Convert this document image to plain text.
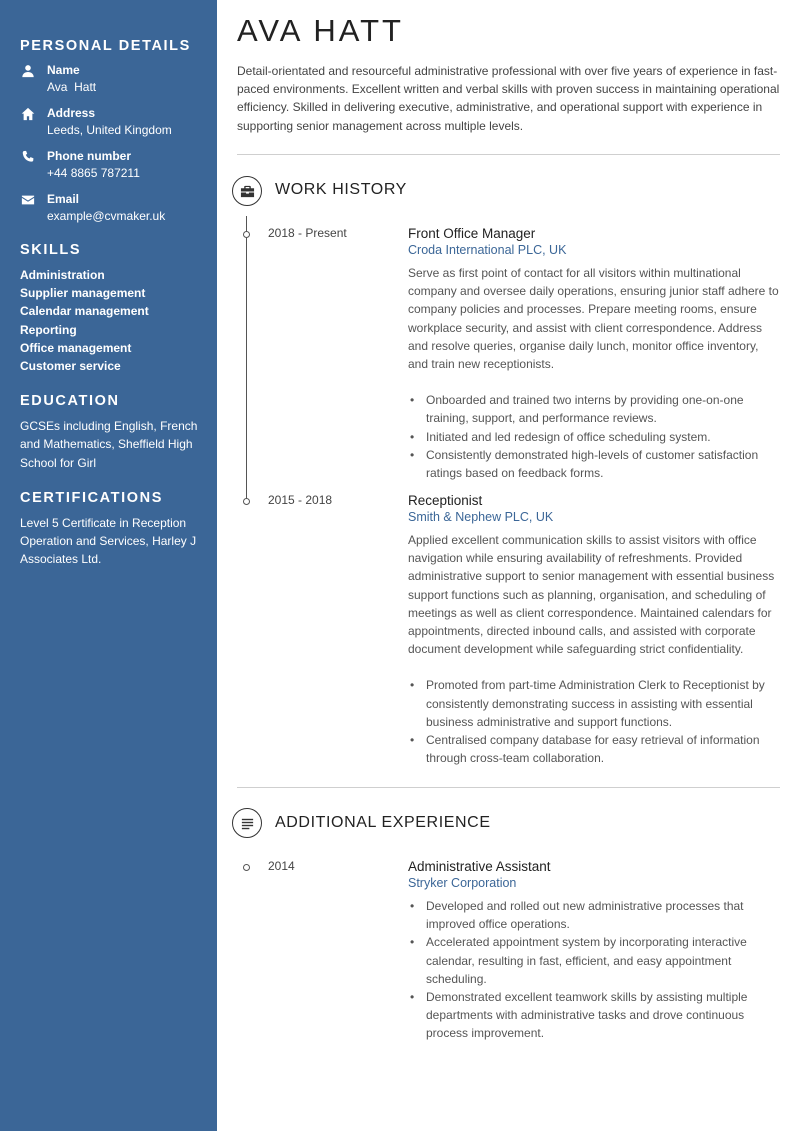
PERSONAL DETAILS
Name
Ava  Hatt
Address
Leeds, United Kingdom
Phone number
+44 8865 787211
Email
example@cvmaker.uk
SKILLS
Administration
Supplier management
Calendar management
Reporting
Office management
Customer service
EDUCATION
GCSEs including English, French and Mathematics, Sheffield High School for Girl
CERTIFICATIONS
Level 5 Certificate in Reception Operation and Services, Harley J Associates Ltd.
AVA HATT

Detail-orientated and resourceful administrative professional with over five years of experience in fast-paced environments. Excellent written and verbal skills with proven success in maintaining operational efficiency. Skilled in delivering executive, administrative, and operational support with experience in supporting senior management across multiple levels.

WORK HISTORY
2018 - Present	Front Office Manager
Croda International PLC, UK
Serve as first point of contact for all visitors within multinational company and oversee daily operations, ensuring junior staff adhere to company policies and processes. Prepare meeting rooms, ensure workplace security, and assist with client correspondence. Address and resolve queries, organise daily lunch, monitor office inventory, and train new receptionists.
• Onboarded and trained two interns by providing one-on-one training, support, and performance reviews.
• Initiated and led redesign of office scheduling system.
• Consistently demonstrated high-levels of customer satisfaction ratings based on feedback forms.
2015 - 2018	Receptionist
Smith & Nephew PLC, UK
Applied excellent communication skills to assist visitors with office navigation while ensuring availability of refreshments. Provided administrative support to senior management with essential business support functions such as planning, organisation, and scheduling of meetings as well as client correspondence. Maintained calendars for appointments, directed inbound calls, and assisted with corporate document development while safeguarding strict confidentiality.
• Promoted from part-time Administration Clerk to Receptionist by consistently demonstrating success in assisting with essential business administrative and support functions.
• Centralised company database for easy retrieval of information through cross-team collaboration.
ADDITIONAL EXPERIENCE
2014	Administrative Assistant
Stryker Corporation
• Developed and rolled out new administrative processes that improved office operations.
• Accelerated appointment system by incorporating interactive calendar, resulting in fast, efficient, and easy appointment scheduling.
• Demonstrated excellent teamwork skills by assisting multiple departments with administrative tasks and drove continuous process improvement.
